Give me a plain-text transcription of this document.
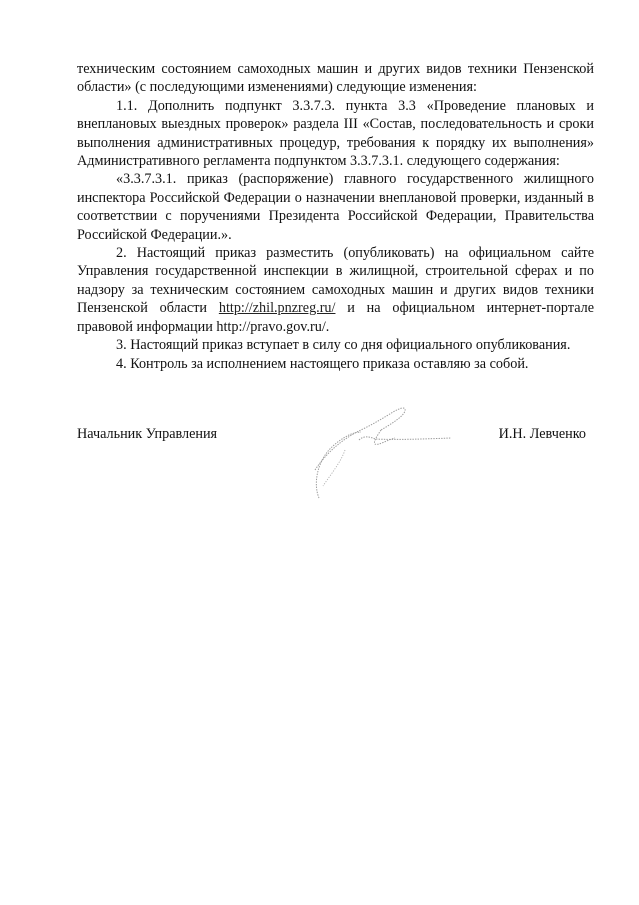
техническим состоянием самоходных машин и других видов техники Пензенской области» (с последующими изменениями) следующие изменения:

1.1. Дополнить подпункт 3.3.7.3. пункта 3.3 «Проведение плановых и внеплановых выездных проверок» раздела III «Состав, последовательность и сроки выполнения административных процедур, требования к порядку их выполнения» Административного регламента подпунктом 3.3.7.3.1. следующего содержания:

«3.3.7.3.1. приказ (распоряжение) главного государственного жилищного инспектора Российской Федерации о назначении внеплановой проверки, изданный в соответствии с поручениями Президента Российской Федерации, Правительства Российской Федерации.».

2. Настоящий приказ разместить (опубликовать) на официальном сайте Управления государственной инспекции в жилищной, строительной сферах и по надзору за техническим состоянием самоходных машин и других видов техники Пензенской области http://zhil.pnzreg.ru/ и на официальном интернет-портале правовой информации http://pravo.gov.ru/.

3. Настоящий приказ вступает в силу со дня официального опубликования.

4. Контроль за исполнением настоящего приказа оставляю за собой.

Начальник Управления	И.Н. Левченко
